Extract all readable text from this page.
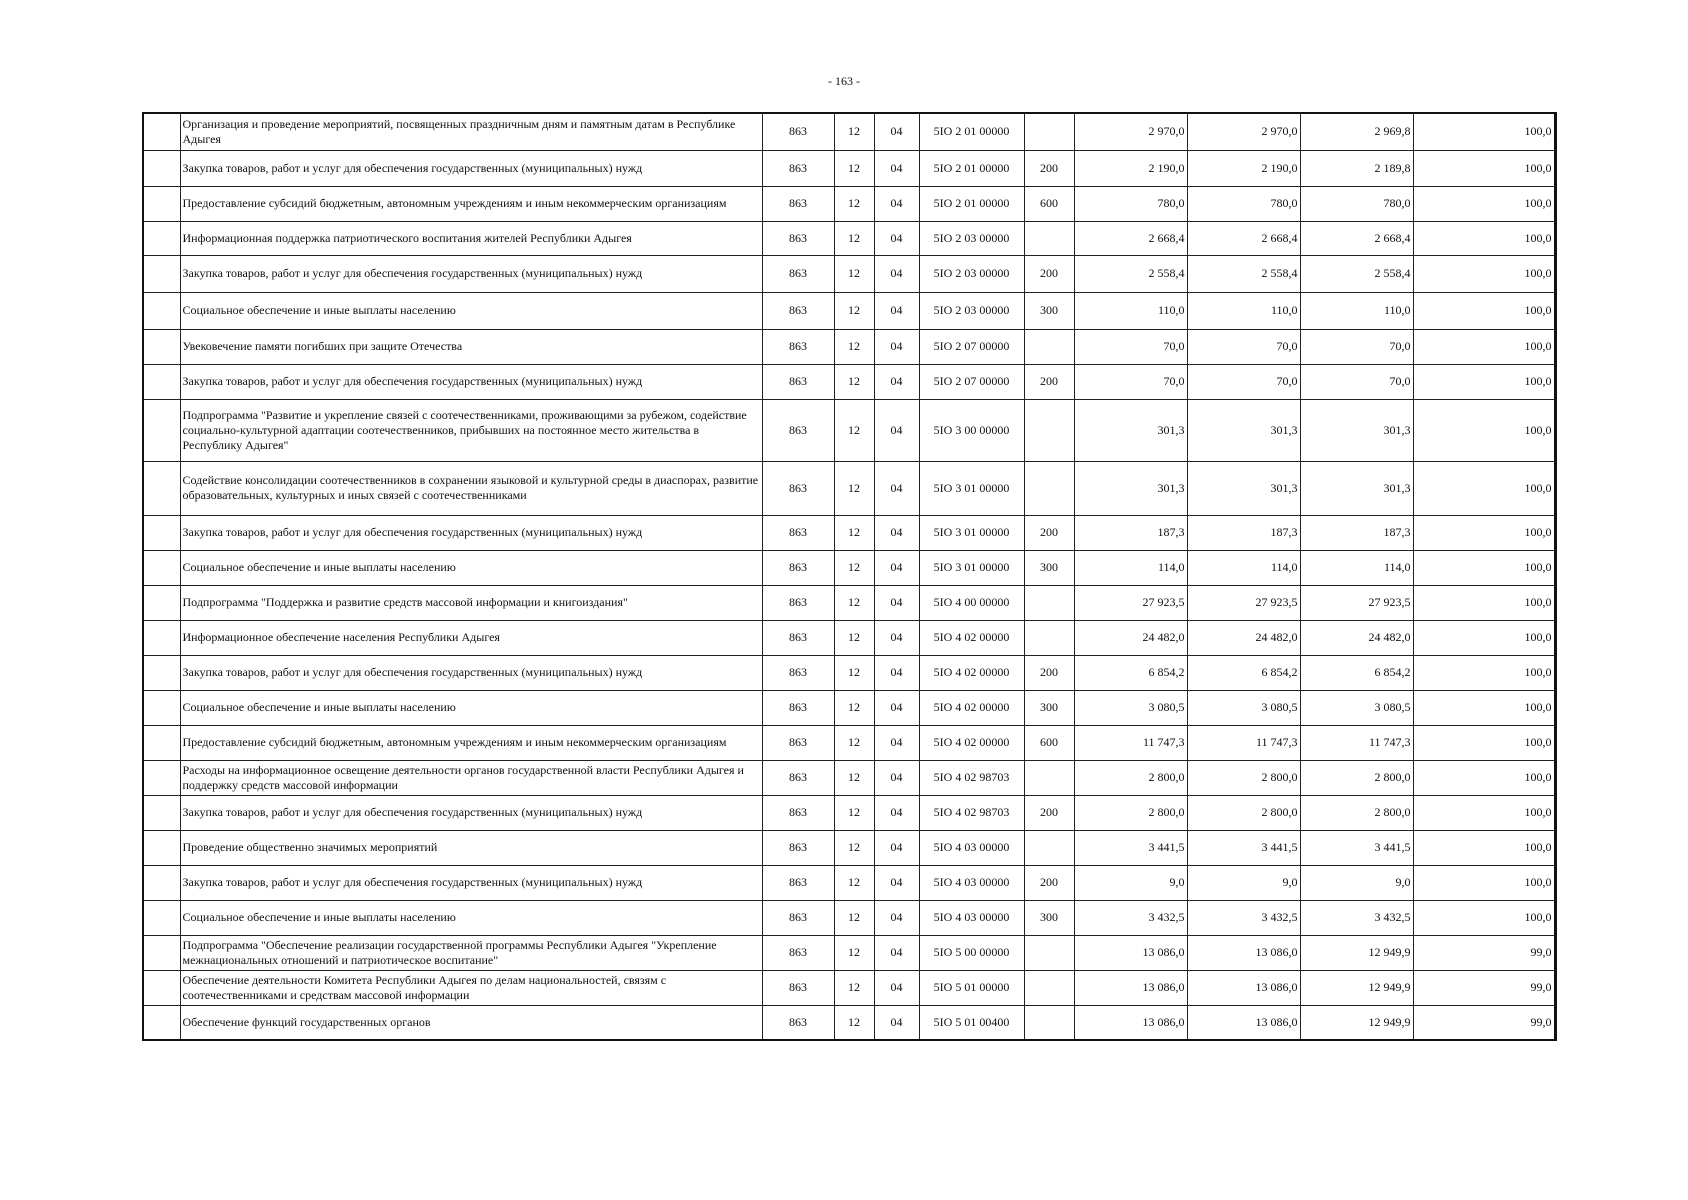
- 163 -
	Организация и проведение мероприятий, посвященных праздничным дням и памятным датам в Республике Адыгея	863	12	04	5IO 2 01 00000		2 970,0	2 970,0	2 969,8	100,0
	Закупка товаров, работ и услуг для обеспечения государственных (муниципальных) нужд	863	12	04	5IO 2 01 00000	200	2 190,0	2 190,0	2 189,8	100,0
	Предоставление субсидий бюджетным, автономным учреждениям и иным некоммерческим организациям	863	12	04	5IO 2 01 00000	600	780,0	780,0	780,0	100,0
	Информационная поддержка патриотического воспитания жителей Республики Адыгея	863	12	04	5IO 2 03 00000		2 668,4	2 668,4	2 668,4	100,0
	Закупка товаров, работ и услуг для обеспечения государственных (муниципальных) нужд	863	12	04	5IO 2 03 00000	200	2 558,4	2 558,4	2 558,4	100,0
	Социальное обеспечение и иные выплаты населению	863	12	04	5IO 2 03 00000	300	110,0	110,0	110,0	100,0
	Увековечение памяти погибших при защите Отечества	863	12	04	5IO 2 07 00000		70,0	70,0	70,0	100,0
	Закупка товаров, работ и услуг для обеспечения государственных (муниципальных) нужд	863	12	04	5IO 2 07 00000	200	70,0	70,0	70,0	100,0
	Подпрограмма "Развитие и укрепление связей с соотечественниками, проживающими за рубежом, содействие социально-культурной адаптации соотечественников, прибывших на постоянное место жительства в Республику Адыгея"	863	12	04	5IO 3 00 00000		301,3	301,3	301,3	100,0
	Содействие консолидации соотечественников в сохранении языковой и культурной среды в диаспорах, развитие образовательных, культурных и иных связей с соотечественниками	863	12	04	5IO 3 01 00000		301,3	301,3	301,3	100,0
	Закупка товаров, работ и услуг для обеспечения государственных (муниципальных) нужд	863	12	04	5IO 3 01 00000	200	187,3	187,3	187,3	100,0
	Социальное обеспечение и иные выплаты населению	863	12	04	5IO 3 01 00000	300	114,0	114,0	114,0	100,0
	Подпрограмма "Поддержка и развитие средств массовой информации и книгоиздания"	863	12	04	5IO 4 00 00000		27 923,5	27 923,5	27 923,5	100,0
	Информационное обеспечение населения Республики Адыгея	863	12	04	5IO 4 02 00000		24 482,0	24 482,0	24 482,0	100,0
	Закупка товаров, работ и услуг для обеспечения государственных (муниципальных) нужд	863	12	04	5IO 4 02 00000	200	6 854,2	6 854,2	6 854,2	100,0
	Социальное обеспечение и иные выплаты населению	863	12	04	5IO 4 02 00000	300	3 080,5	3 080,5	3 080,5	100,0
	Предоставление субсидий бюджетным, автономным учреждениям и иным некоммерческим организациям	863	12	04	5IO 4 02 00000	600	11 747,3	11 747,3	11 747,3	100,0
	Расходы на информационное освещение деятельности органов государственной власти Республики Адыгея и поддержку средств массовой информации	863	12	04	5IO 4 02 98703		2 800,0	2 800,0	2 800,0	100,0
	Закупка товаров, работ и услуг для обеспечения государственных (муниципальных) нужд	863	12	04	5IO 4 02 98703	200	2 800,0	2 800,0	2 800,0	100,0
	Проведение общественно значимых мероприятий	863	12	04	5IO 4 03 00000		3 441,5	3 441,5	3 441,5	100,0
	Закупка товаров, работ и услуг для обеспечения государственных (муниципальных) нужд	863	12	04	5IO 4 03 00000	200	9,0	9,0	9,0	100,0
	Социальное обеспечение и иные выплаты населению	863	12	04	5IO 4 03 00000	300	3 432,5	3 432,5	3 432,5	100,0
	Подпрограмма "Обеспечение реализации государственной программы Республики Адыгея "Укрепление межнациональных отношений и патриотическое воспитание"	863	12	04	5IO 5 00 00000		13 086,0	13 086,0	12 949,9	99,0
	Обеспечение деятельности Комитета Республики Адыгея по делам национальностей, связям с соотечественниками и средствам массовой информации	863	12	04	5IO 5 01 00000		13 086,0	13 086,0	12 949,9	99,0
	Обеспечение функций государственных органов	863	12	04	5IO 5 01 00400		13 086,0	13 086,0	12 949,9	99,0
